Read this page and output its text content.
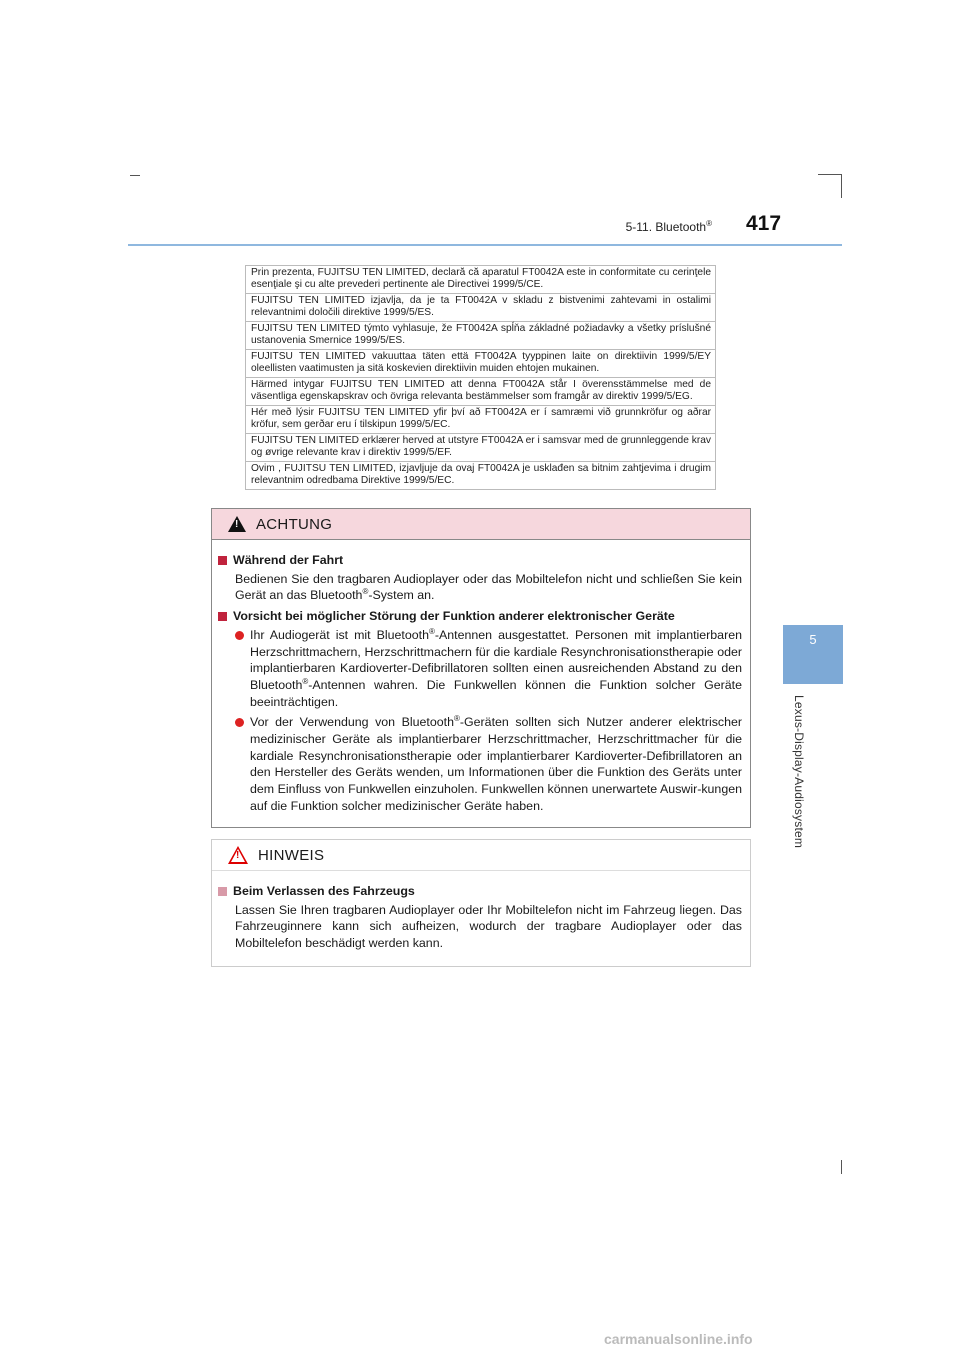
5-11. Bluetooth® 417
5
Lexus-Display-Audiosystem
Prin prezenta, FUJITSU TEN LIMITED, declară că aparatul FT0042A este in conformitate cu cerinţele esenţiale şi cu alte prevederi pertinente ale Directivei 1999/5/CE.
FUJITSU TEN LIMITED izjavlja, da je ta FT0042A v skladu z bistvenimi zahtevami in ostalimi relevantnimi določili direktive 1999/5/ES.
FUJITSU TEN LIMITED týmto vyhlasuje, že FT0042A spĺňa základné požiadavky a všetky príslušné ustanovenia Smernice 1999/5/ES.
FUJITSU TEN LIMITED vakuuttaa täten että FT0042A tyyppinen laite on direktiivin 1999/5/EY oleellisten vaatimusten ja sitä koskevien direktiivin muiden ehtojen mukainen.
Härmed intygar FUJITSU TEN LIMITED att denna FT0042A står I överensstämmelse med de väsentliga egenskapskrav och övriga relevanta bestämmelser som framgår av direktiv 1999/5/EG.
Hér með lýsir FUJITSU TEN LIMITED yfir því að FT0042A er í samræmi við grunnkröfur og aðrar kröfur, sem gerðar eru í tilskipun 1999/5/EC.
FUJITSU TEN LIMITED erklærer herved at utstyre FT0042A er i samsvar med de grunnleggende krav og øvrige relevante krav i direktiv 1999/5/EF.
Ovim , FUJITSU TEN LIMITED, izjavljuje da ovaj FT0042A je usklađen sa bitnim zahtjevima i drugim relevantnim odredbama Direktive 1999/5/EC.
!
ACHTUNG
Während der Fahrt
Bedienen Sie den tragbaren Audioplayer oder das Mobiltelefon nicht und schließen Sie kein Gerät an das Bluetooth ® -System an.
Vorsicht bei möglicher Störung der Funktion anderer elektronischer Geräte
Ihr Audiogerät ist mit Bluetooth ® -Antennen ausgestattet. Personen mit implantierbaren Herzschrittmachern, Herzschrittmachern für die kardiale Resynchronisationstherapie oder implantierbaren Kardioverter-Defibrillatoren sollten einen ausreichenden Abstand zu den Bluetooth ® -Antennen wahren. Die Funkwellen können die Funktion solcher Geräte beeinträchtigen.
Vor der Verwendung von Bluetooth ® -Geräten sollten sich Nutzer anderer elektrischer medizinischer Geräte als implantierbarer Herzschrittmacher, Herzschrittmacher für die kardiale Resynchronisationstherapie oder implantierbarer Kardioverter-Defibrillatoren an den Hersteller des Geräts wenden, um Informationen über die Funktion des Geräts unter dem Einfluss von Funkwellen einzuholen. Funkwellen können unerwartete Auswir-kungen auf die Funktion solcher medizinischer Geräte haben.
!
HINWEIS
Beim Verlassen des Fahrzeugs
Lassen Sie Ihren tragbaren Audioplayer oder Ihr Mobiltelefon nicht im Fahrzeug liegen. Das Fahrzeuginnere kann sich aufheizen, wodurch der tragbare Audioplayer oder das Mobiltelefon beschädigt werden kann.
carmanualsonline.info
